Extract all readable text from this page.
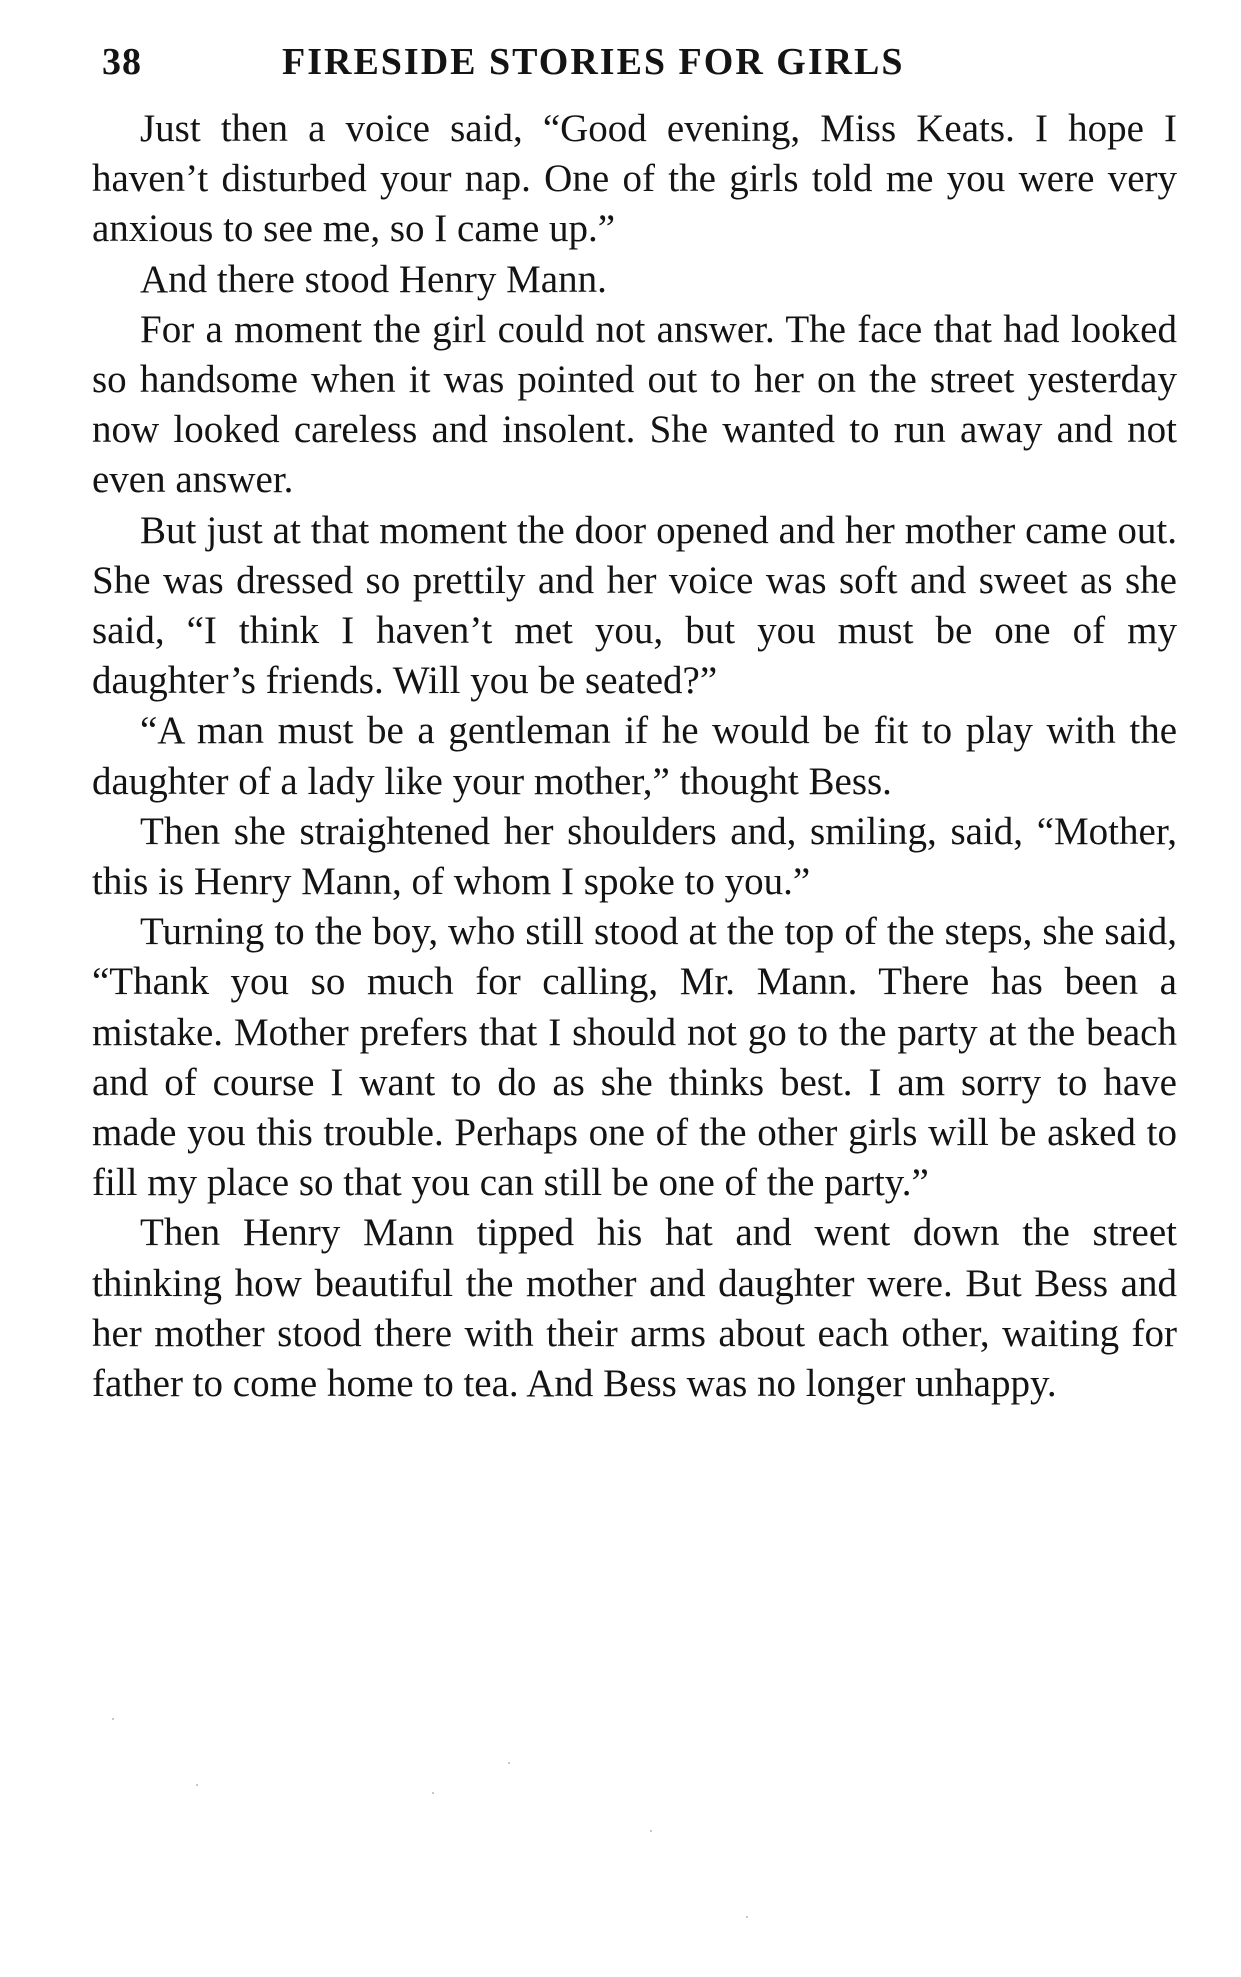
38	FIRESIDE STORIES FOR GIRLS

Just then a voice said, “Good evening, Miss Keats. I hope I haven’t disturbed your nap. One of the girls told me you were very anxious to see me, so I came up.”

And there stood Henry Mann.

For a moment the girl could not answer. The face that had looked so handsome when it was pointed out to her on the street yesterday now looked careless and insolent. She wanted to run away and not even answer.

But just at that moment the door opened and her mother came out. She was dressed so prettily and her voice was soft and sweet as she said, “I think I haven’t met you, but you must be one of my daughter’s friends. Will you be seated?”

“A man must be a gentleman if he would be fit to play with the daughter of a lady like your mother,” thought Bess.

Then she straightened her shoulders and, smiling, said, “Mother, this is Henry Mann, of whom I spoke to you.”

Turning to the boy, who still stood at the top of the steps, she said, “Thank you so much for calling, Mr. Mann. There has been a mistake. Mother prefers that I should not go to the party at the beach and of course I want to do as she thinks best. I am sorry to have made you this trouble. Perhaps one of the other girls will be asked to fill my place so that you can still be one of the party.”

Then Henry Mann tipped his hat and went down the street thinking how beautiful the mother and daughter were. But Bess and her mother stood there with their arms about each other, waiting for father to come home to tea. And Bess was no longer unhappy.
